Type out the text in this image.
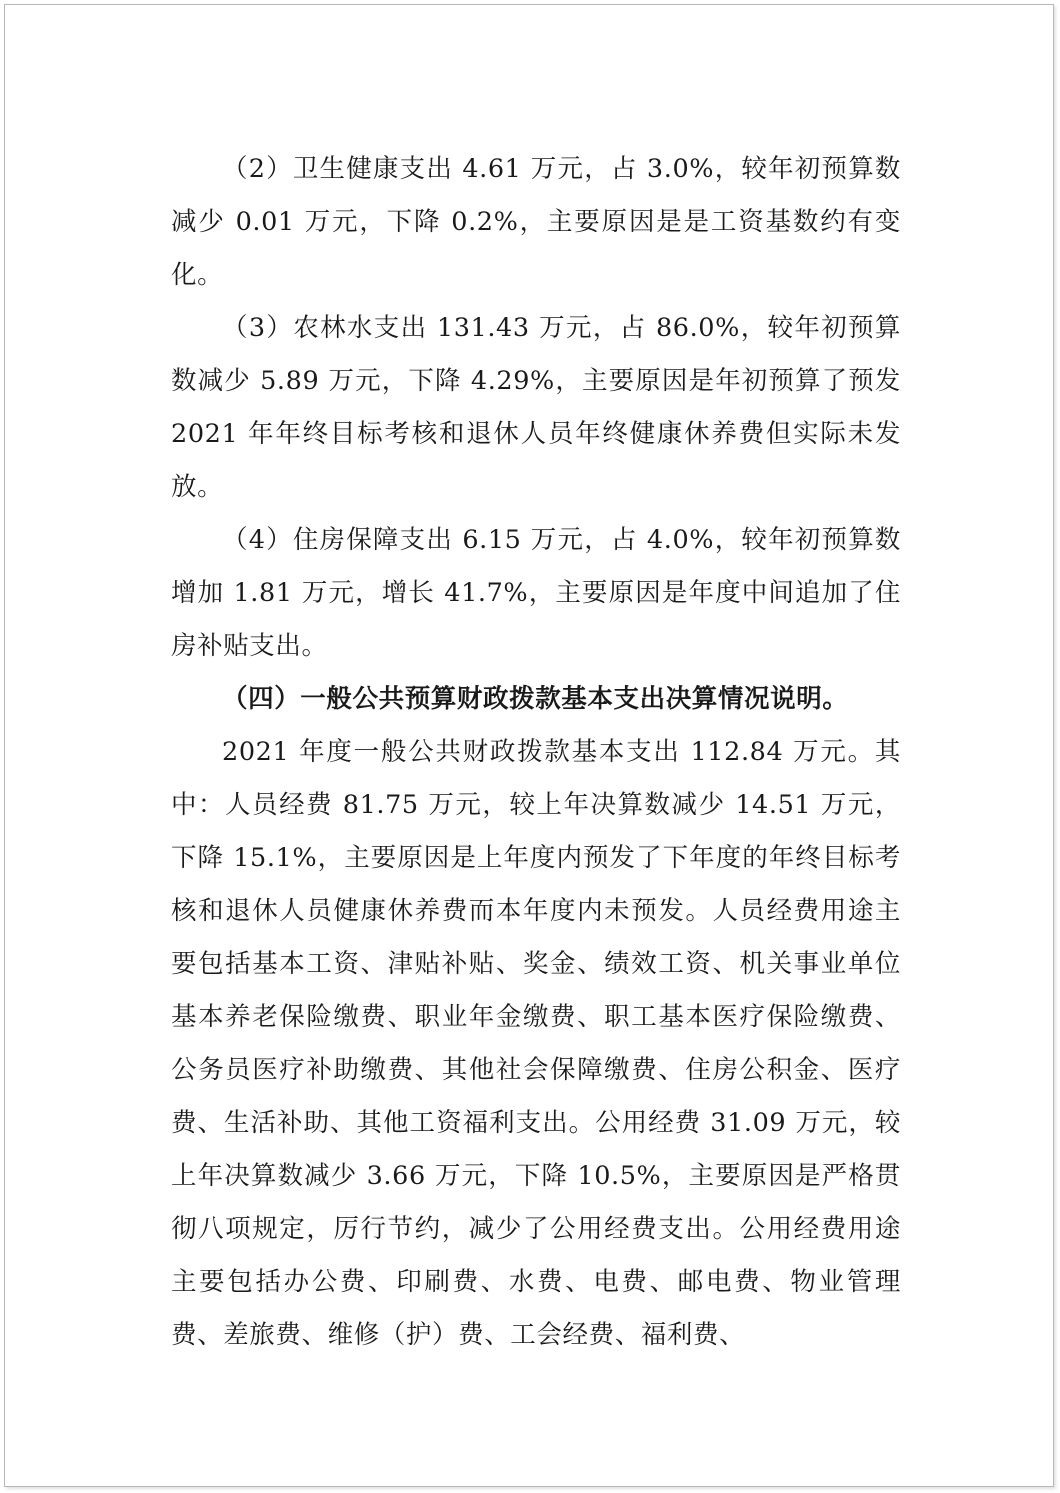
（2）卫生健康支出 4.61 万元，占 3.0%，较年初预算数减少 0.01 万元，下降 0.2%，主要原因是是工资基数约有变化。

（3）农林水支出 131.43 万元，占 86.0%，较年初预算数减少 5.89 万元，下降 4.29%，主要原因是年初预算了预发 2021 年年终目标考核和退休人员年终健康休养费但实际未发放。

（4）住房保障支出 6.15 万元，占 4.0%，较年初预算数增加 1.81 万元，增长 41.7%，主要原因是年度中间追加了住房补贴支出。

（四）一般公共预算财政拨款基本支出决算情况说明。

2021 年度一般公共财政拨款基本支出 112.84 万元。其中：人员经费 81.75 万元，较上年决算数减少 14.51 万元，下降 15.1%，主要原因是上年度内预发了下年度的年终目标考核和退休人员健康休养费而本年度内未预发。人员经费用途主要包括基本工资、津贴补贴、奖金、绩效工资、机关事业单位基本养老保险缴费、职业年金缴费、职工基本医疗保险缴费、公务员医疗补助缴费、其他社会保障缴费、住房公积金、医疗费、生活补助、其他工资福利支出。公用经费 31.09 万元，较上年决算数减少 3.66 万元，下降 10.5%，主要原因是严格贯彻八项规定，厉行节约，减少了公用经费支出。公用经费用途主要包括办公费、印刷费、水费、电费、邮电费、物业管理费、差旅费、维修（护）费、工会经费、福利费、
